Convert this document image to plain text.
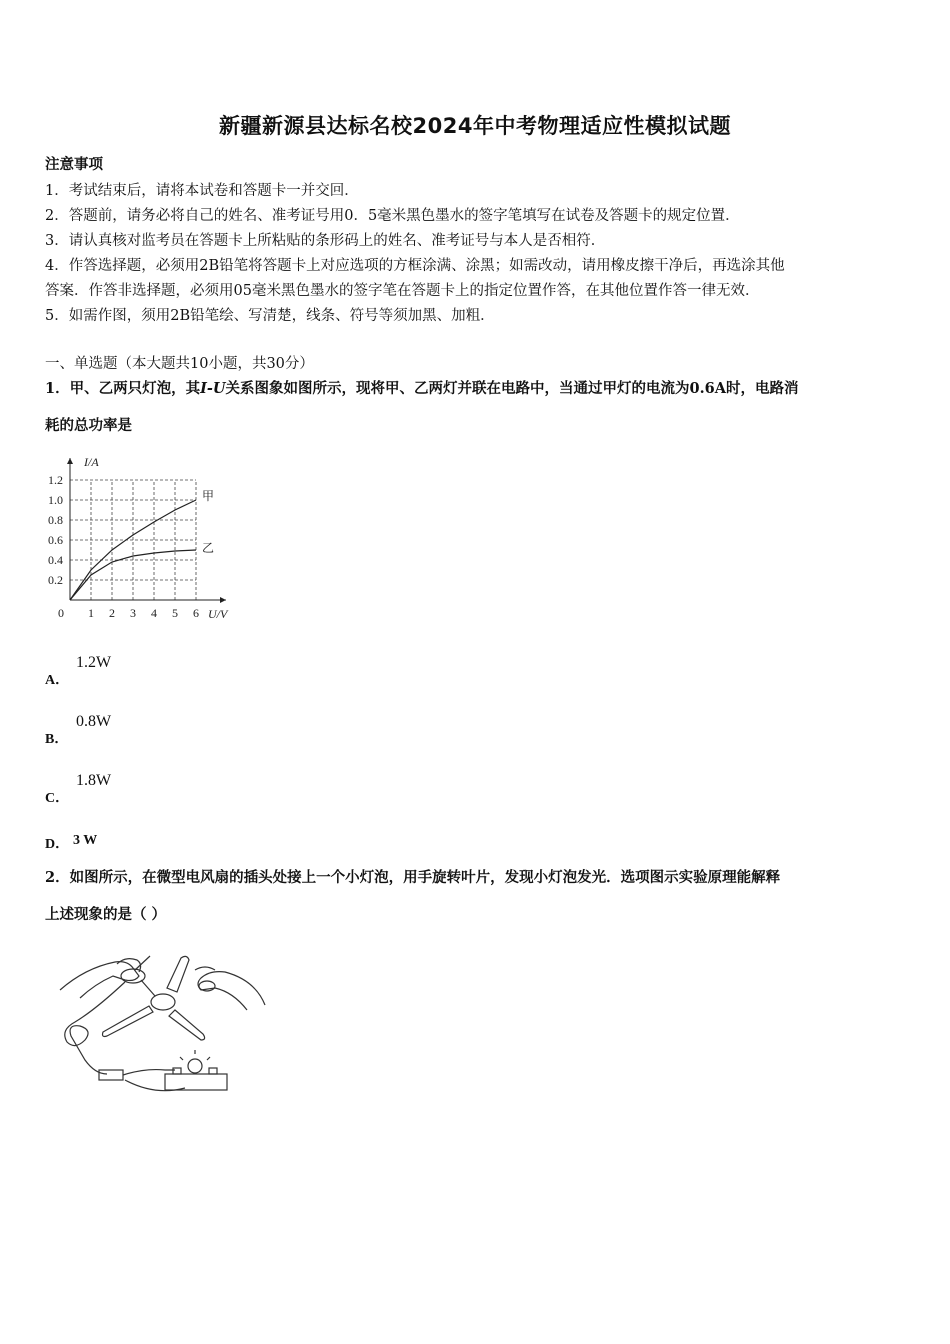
新疆新源县达标名校2024年中考物理适应性模拟试题
注意事项
1．考试结束后，请将本试卷和答题卡一并交回．
2．答题前，请务必将自己的姓名、准考证号用0．5毫米黑色墨水的签字笔填写在试卷及答题卡的规定位置．
3．请认真核对监考员在答题卡上所粘贴的条形码上的姓名、准考证号与本人是否相符．
4．作答选择题，必须用2B铅笔将答题卡上对应选项的方框涂满、涂黑；如需改动，请用橡皮擦干净后，再选涂其他
答案．作答非选择题，必须用05毫米黑色墨水的签字笔在答题卡上的指定位置作答，在其他位置作答一律无效．
5．如需作图，须用2B铅笔绘、写清楚，线条、符号等须加黑、加粗．
一、单选题（本大题共10小题，共30分）
1．甲、乙两只灯泡，其I-U关系图象如图所示，现将甲、乙两灯并联在电路中，当通过甲灯的电流为0.6A时，电路消
耗的总功率是
I/A
U/V
0 1 2 3 4 5 6
0.2
0.4
0.6
0.8
1.0
1.2
甲
乙
A．
1.2W
B．
0.8W
C．
1.8W
D． 3 W
2．如图所示，在微型电风扇的插头处接上一个小灯泡，用手旋转叶片，发现小灯泡发光．选项图示实验原理能解释
上述现象的是（ ）
